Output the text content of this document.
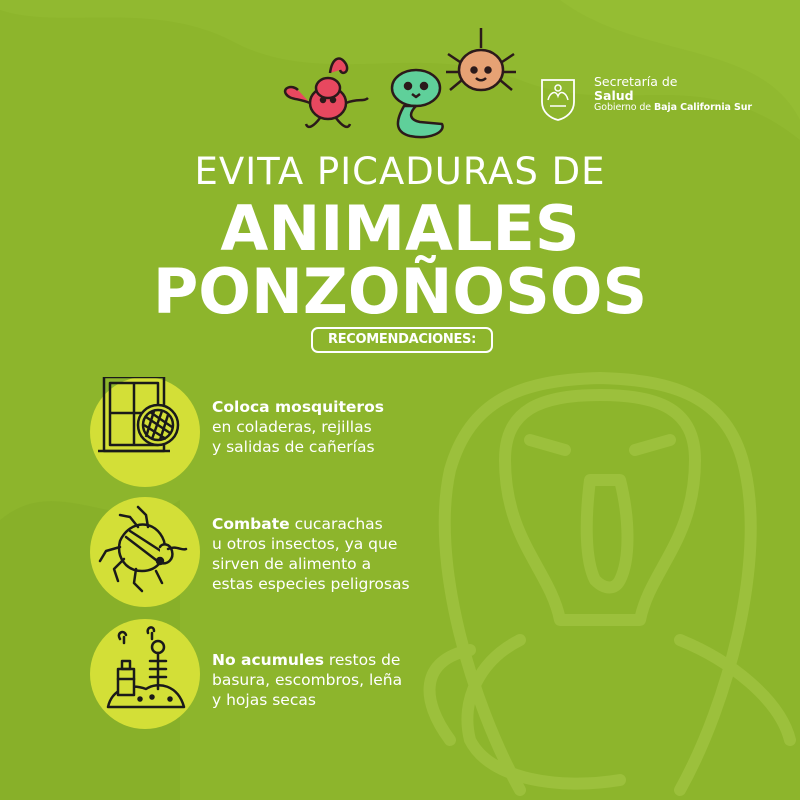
Secretaría de
Salud
Gobierno de Baja California Sur
EVITA PICADURAS DE
ANIMALES
PONZOÑOSOS
RECOMENDACIONES:
Coloca mosquiteros
en coladeras, rejillas
y salidas de cañerías
Combate cucarachas
u otros insectos, ya que
sirven de alimento a
estas especies peligrosas
No acumules restos de
basura, escombros, leña
y hojas secas
